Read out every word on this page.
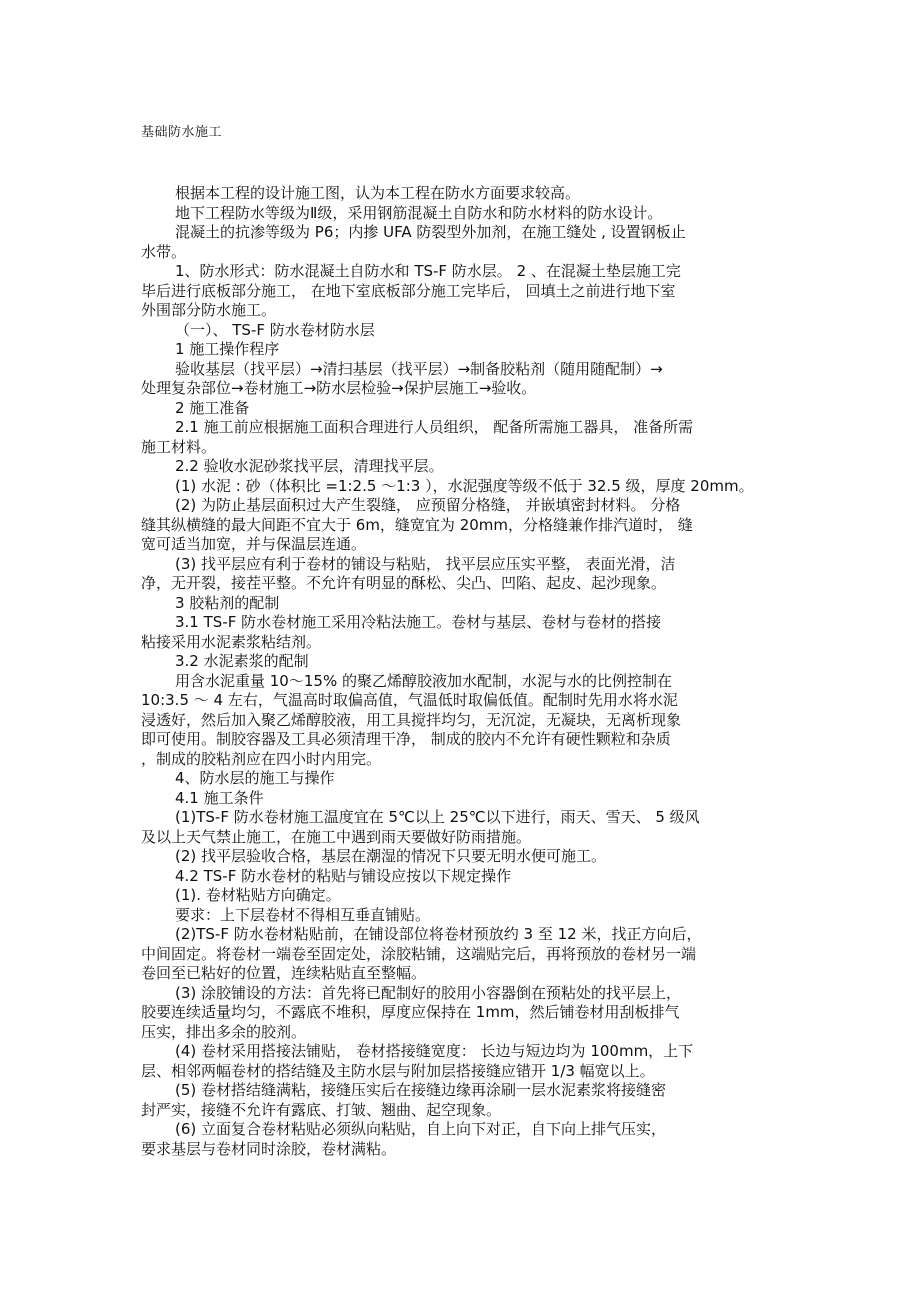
基础防水施工

根据本工程的设计施工图，认为本工程在防水方面要求较高。

地下工程防水等级为Ⅱ级，采用钢筋混凝土自防水和防水材料的防水设计。

混凝土的抗渗等级为 P6；内掺 UFA 防裂型外加剂，在施工缝处 , 设置钢板止

水带。

1、防水形式：防水混凝土自防水和 TS-F 防水层。 2 、在混凝土垫层施工完

毕后进行底板部分施工， 在地下室底板部分施工完毕后， 回填土之前进行地下室

外围部分防水施工。

（一）、 TS-F 防水卷材防水层

1 施工操作程序

验收基层（找平层）→清扫基层（找平层）→制备胶粘剂（随用随配制）→

处理复杂部位→卷材施工→防水层检验→保护层施工→验收。

2 施工准备

2.1 施工前应根据施工面积合理进行人员组织， 配备所需施工器具， 准备所需

施工材料。

2.2 验收水泥砂浆找平层，清理找平层。

(1) 水泥 : 砂（体积比 =1:2.5 ～1:3 ），水泥强度等级不低于 32.5 级，厚度 20mm。

(2) 为防止基层面积过大产生裂缝， 应预留分格缝， 并嵌填密封材料。 分格

缝其纵横缝的最大间距不宜大于 6m，缝宽宜为 20mm，分格缝兼作排汽道时， 缝

宽可适当加宽，并与保温层连通。

(3) 找平层应有利于卷材的铺设与粘贴， 找平层应压实平整， 表面光滑，洁

净，无开裂，接茬平整。不允许有明显的酥松、尖凸、凹陷、起皮、起沙现象。

3 胶粘剂的配制

3.1 TS-F 防水卷材施工采用冷粘法施工。卷材与基层、卷材与卷材的搭接

粘接采用水泥素浆粘结剂。

3.2 水泥素浆的配制

用含水泥重量 10～15% 的聚乙烯醇胶液加水配制，水泥与水的比例控制在

10:3.5 ～ 4 左右，气温高时取偏高值，气温低时取偏低值。配制时先用水将水泥

浸透好，然后加入聚乙烯醇胶液，用工具搅拌均匀，无沉淀，无凝块，无离析现象

即可使用。制胶容器及工具必须清理干净， 制成的胶内不允许有硬性颗粒和杂质

，制成的胶粘剂应在四小时内用完。

4、防水层的施工与操作

4.1 施工条件

(1)TS-F 防水卷材施工温度宜在 5℃以上 25℃以下进行，雨天、雪天、 5 级风

及以上天气禁止施工，在施工中遇到雨天要做好防雨措施。

(2) 找平层验收合格，基层在潮湿的情况下只要无明水便可施工。

4.2 TS-F 防水卷材的粘贴与铺设应按以下规定操作

(1). 卷材粘贴方向确定。

要求：上下层卷材不得相互垂直铺贴。

(2)TS-F 防水卷材粘贴前，在铺设部位将卷材预放约 3 至 12 米，找正方向后，

中间固定。将卷材一端卷至固定处，涂胶粘铺，这端贴完后，再将预放的卷材另一端

卷回至已粘好的位置，连续粘贴直至整幅。

(3) 涂胶铺设的方法：首先将已配制好的胶用小容器倒在预粘处的找平层上，

胶要连续适量均匀，不露底不堆积，厚度应保持在 1mm，然后铺卷材用刮板排气

压实，排出多余的胶剂。

(4) 卷材采用搭接法铺贴， 卷材搭接缝宽度： 长边与短边均为 100mm，上下

层、相邻两幅卷材的搭结缝及主防水层与附加层搭接缝应错开 1/3 幅宽以上。

(5) 卷材搭结缝满粘，接缝压实后在接缝边缘再涂刷一层水泥素浆将接缝密

封严实，接缝不允许有露底、打皱、翘曲、起空现象。

(6) 立面复合卷材粘贴必须纵向粘贴，自上向下对正，自下向上排气压实，

要求基层与卷材同时涂胶，卷材满粘。
